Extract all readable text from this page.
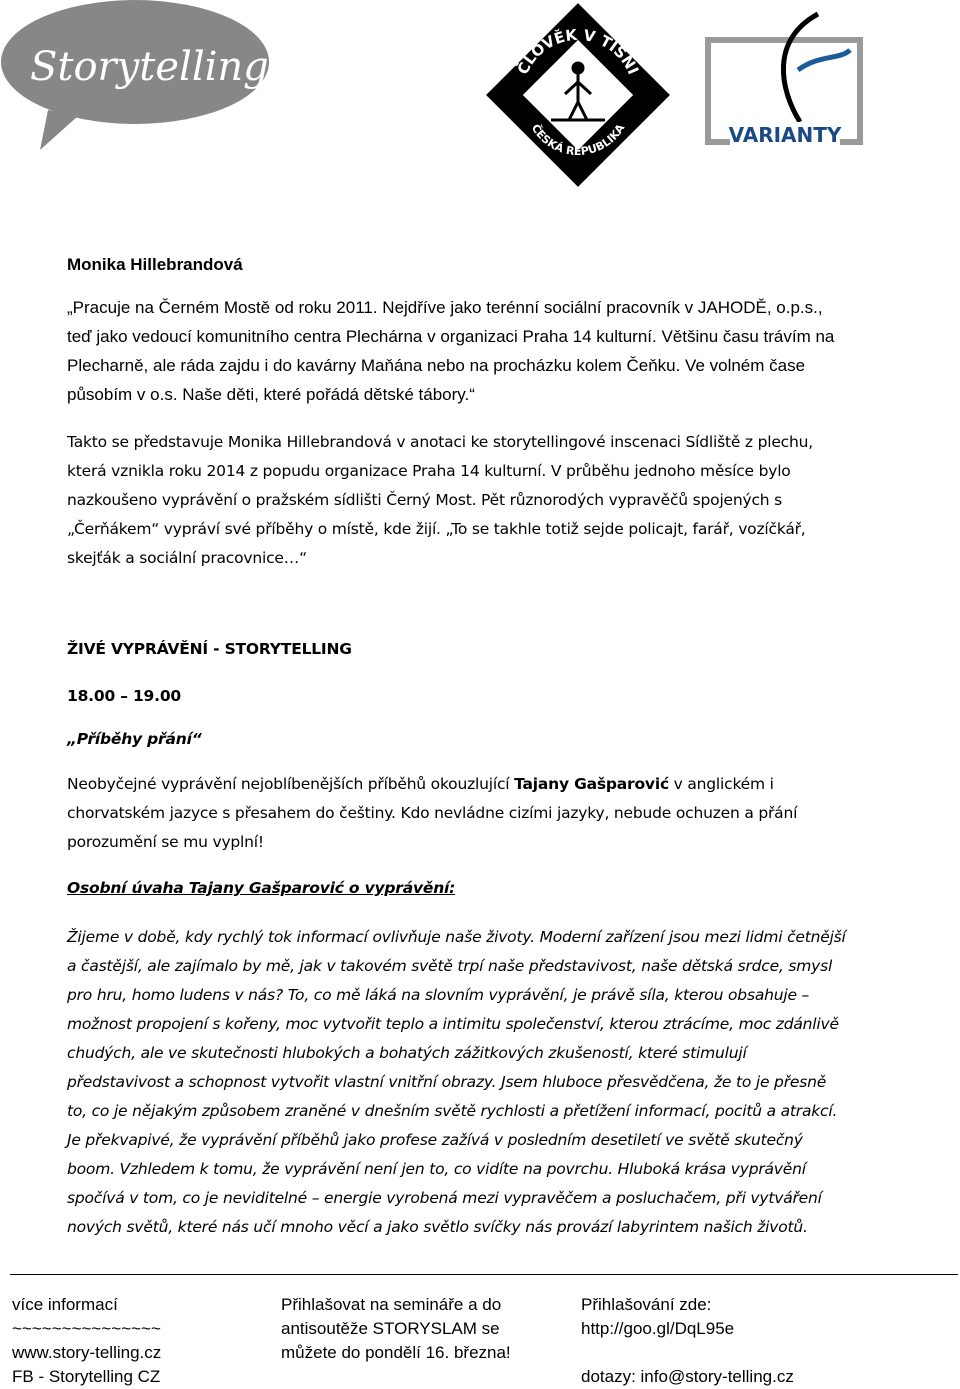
Storytelling o.s.	ČLOVĚK V TÍSNI
ČESKÁ REPUBLIKA	VARIANTY

Monika Hillebrandová

„Pracuje na Černém Mostě od roku 2011. Nejdříve jako terénní sociální pracovník v JAHODĚ, o.p.s.,

teď jako vedoucí komunitního centra Plechárna v organizaci Praha 14 kulturní. Většinu času trávím na

Plecharně, ale ráda zajdu i do kavárny Maňána nebo na procházku kolem Čeňku. Ve volném čase

působím v o.s. Naše děti, které pořádá dětské tábory.“

Takto se představuje Monika Hillebrandová v anotaci ke storytellingové inscenaci Sídliště z plechu,

která vznikla roku 2014 z popudu organizace Praha 14 kulturní. V průběhu jednoho měsíce bylo

nazkoušeno vyprávění o pražském sídlišti Černý Most. Pět různorodých vypravěčů spojených s

„Čerňákem“ vypráví své příběhy o místě, kde žijí. „To se takhle totiž sejde policajt, farář, vozíčkář,

skejťák a sociální pracovnice…“

ŽIVÉ VYPRÁVĚNÍ - STORYTELLING

18.00 – 19.00

„Příběhy přání“

Neobyčejné vyprávění nejoblíbenějších příběhů okouzlující Tajany Gašparović v anglickém i

chorvatském jazyce s přesahem do češtiny. Kdo nevládne cizími jazyky, nebude ochuzen a přání

porozumění se mu vyplní!

Osobní úvaha Tajany Gašparović o vyprávění:

Žijeme v době, kdy rychlý tok informací ovlivňuje naše životy. Moderní zařízení jsou mezi lidmi četnější

a častější, ale zajímalo by mě, jak v takovém světě trpí naše představivost, naše dětská srdce, smysl

pro hru, homo ludens v nás? To, co mě láká na slovním vyprávění, je právě síla, kterou obsahuje –

možnost propojení s kořeny, moc vytvořit teplo a intimitu společenství, kterou ztrácíme, moc zdánlivě

chudých, ale ve skutečnosti hlubokých a bohatých zážitkových zkušeností, které stimulují

představivost a schopnost vytvořit vlastní vnitřní obrazy. Jsem hluboce přesvědčena, že to je přesně

to, co je nějakým způsobem zraněné v dnešním světě rychlosti a přetížení informací, pocitů a atrakcí.

Je překvapivé, že vyprávění příběhů jako profese zažívá v posledním desetiletí ve světě skutečný

boom. Vzhledem k tomu, že vyprávění není jen to, co vidíte na povrchu. Hluboká krása vyprávění

spočívá v tom, co je neviditelné – energie vyrobená mezi vypravěčem a posluchačem, při vytváření

nových světů, které nás učí mnoho věcí a jako světlo svíčky nás provází labyrintem našich životů.

více informací
~~~~~~~~~~~~~~~
www.story-telling.cz
FB - Storytelling CZ
Přihlašovat na semináře a do
antisoutěže STORYSLAM se
můžete do pondělí 16. března!
Přihlašování zde:
http://goo.gl/DqL95e
dotazy: info@story-telling.cz
